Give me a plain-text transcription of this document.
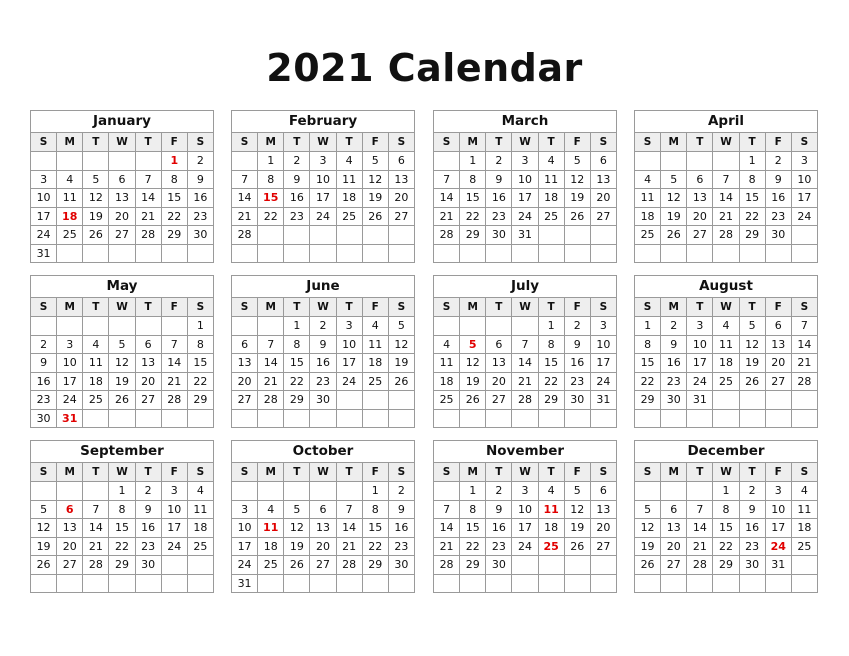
2021 Calendar
January						
S	M	T	W	T	F	S
					1	2
3	4	5	6	7	8	9
10	11	12	13	14	15	16
17	18	19	20	21	22	23
24	25	26	27	28	29	30
31						
February						
S	M	T	W	T	F	S
	1	2	3	4	5	6
7	8	9	10	11	12	13
14	15	16	17	18	19	20
21	22	23	24	25	26	27
28						

March						
S	M	T	W	T	F	S
	1	2	3	4	5	6
7	8	9	10	11	12	13
14	15	16	17	18	19	20
21	22	23	24	25	26	27
28	29	30	31			

April						
S	M	T	W	T	F	S
				1	2	3
4	5	6	7	8	9	10
11	12	13	14	15	16	17
18	19	20	21	22	23	24
25	26	27	28	29	30	

May						
S	M	T	W	T	F	S
						1
2	3	4	5	6	7	8
9	10	11	12	13	14	15
16	17	18	19	20	21	22
23	24	25	26	27	28	29
30	31					
June						
S	M	T	W	T	F	S
		1	2	3	4	5
6	7	8	9	10	11	12
13	14	15	16	17	18	19
20	21	22	23	24	25	26
27	28	29	30			

July						
S	M	T	W	T	F	S
				1	2	3
4	5	6	7	8	9	10
11	12	13	14	15	16	17
18	19	20	21	22	23	24
25	26	27	28	29	30	31

August						
S	M	T	W	T	F	S
1	2	3	4	5	6	7
8	9	10	11	12	13	14
15	16	17	18	19	20	21
22	23	24	25	26	27	28
29	30	31				

September						
S	M	T	W	T	F	S
			1	2	3	4
5	6	7	8	9	10	11
12	13	14	15	16	17	18
19	20	21	22	23	24	25
26	27	28	29	30		

October						
S	M	T	W	T	F	S
					1	2
3	4	5	6	7	8	9
10	11	12	13	14	15	16
17	18	19	20	21	22	23
24	25	26	27	28	29	30
31						
November						
S	M	T	W	T	F	S
	1	2	3	4	5	6
7	8	9	10	11	12	13
14	15	16	17	18	19	20
21	22	23	24	25	26	27
28	29	30				

December						
S	M	T	W	T	F	S
			1	2	3	4
5	6	7	8	9	10	11
12	13	14	15	16	17	18
19	20	21	22	23	24	25
26	27	28	29	30	31	
